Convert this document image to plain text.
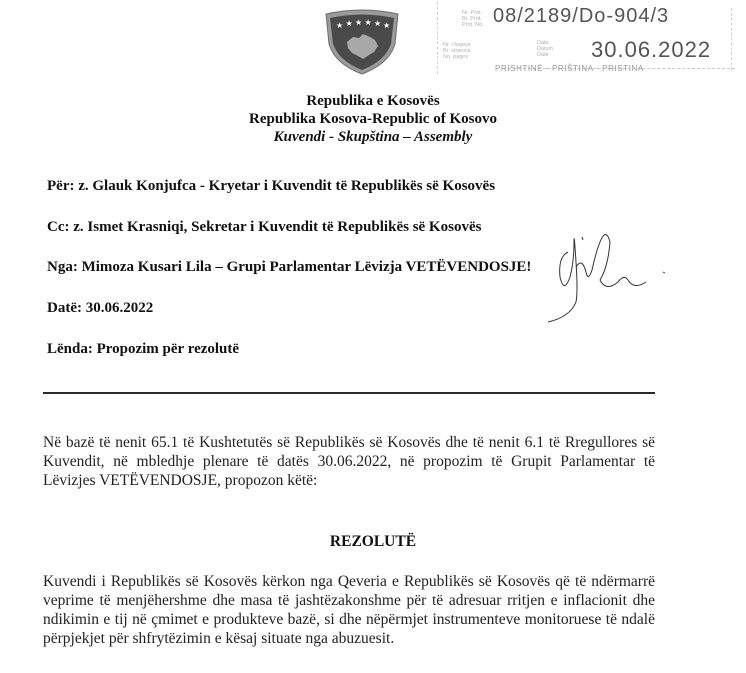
★ ★ ★ ★ ★ ★
Nr. Prot.
Br. Prot.
Prot. No.
Nr. i faqeve
Br. stranica
No. pages
Data
Datum
Date
08/2189/Do-904/3
30.06.2022
PRISHTINË - PRIŠTINA - PRISTINA
Republika e Kosovës
Republika Kosova-Republic of Kosovo
Kuvendi - Skupština – Assembly
Për: z. Glauk Konjufca - Kryetar i Kuvendit të Republikës së Kosovës
Cc: z. Ismet Krasniqi, Sekretar i Kuvendit të Republikës së Kosovës
Nga: Mimoza Kusari Lila – Grupi Parlamentar Lëvizja VETËVENDOSJE!
Datë: 30.06.2022
Lënda: Propozim për rezolutë
Në bazë të nenit 65.1 të Kushtetutës së Republikës së Kosovës dhe të nenit 6.1 të Rregullores së
Kuvendit, në mbledhje plenare të datës 30.06.2022, në propozim të Grupit Parlamentar të
Lëvizjes VETËVENDOSJE, propozon këtë:
REZOLUTË
Kuvendi i Republikës së Kosovës kërkon nga Qeveria e Republikës së Kosovës që të ndërmarrë
veprime të menjëhershme dhe masa të jashtëzakonshme për të adresuar rritjen e inflacionit dhe
ndikimin e tij në çmimet e produkteve bazë, si dhe nëpërmjet instrumenteve monitoruese të ndalë
përpjekjet për shfrytëzimin e kësaj situate nga abuzuesit.
